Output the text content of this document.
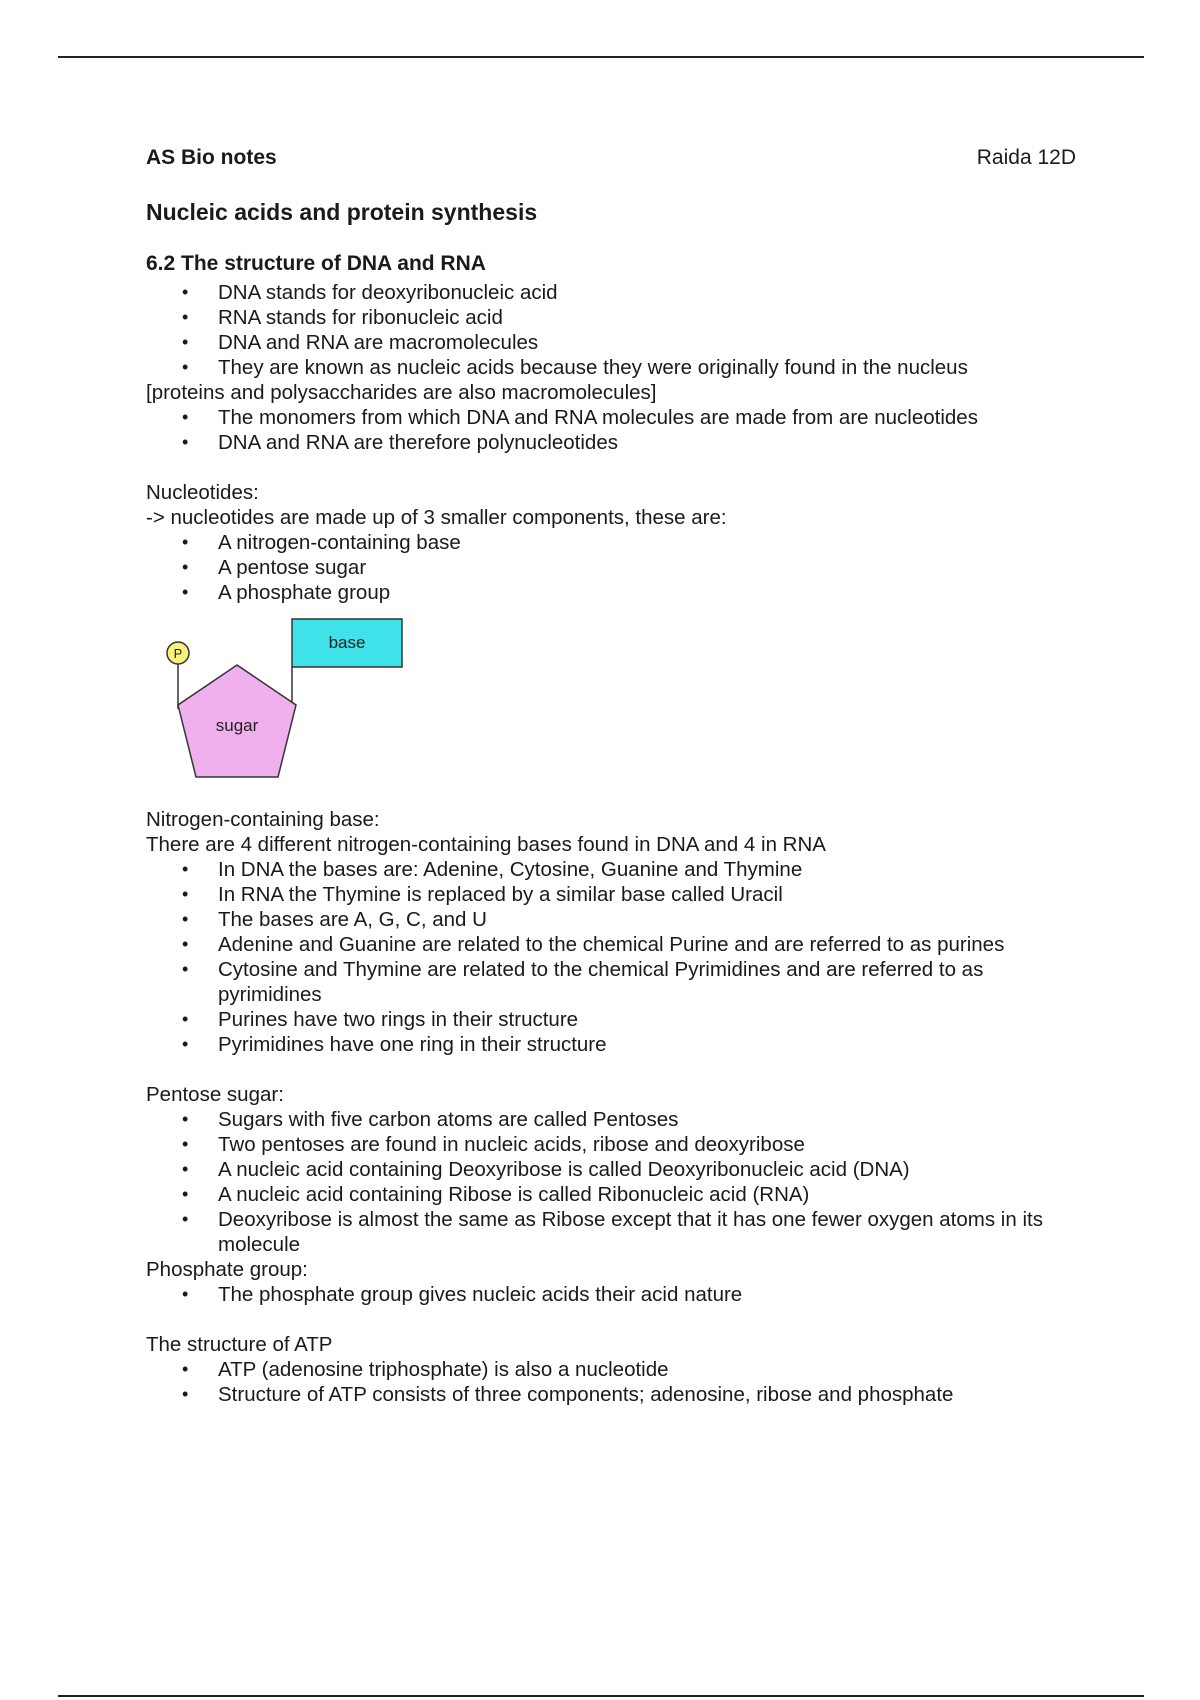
AS Bio notes	Raida 12D
Nucleic acids and protein synthesis
6.2 The structure of DNA and RNA
• DNA stands for deoxyribonucleic acid
• RNA stands for ribonucleic acid
• DNA and RNA are macromolecules
• They are known as nucleic acids because they were originally found in the nucleus
[proteins and polysaccharides are also macromolecules]
• The monomers from which DNA and RNA molecules are made from are nucleotides
• DNA and RNA are therefore polynucleotides
Nucleotides:
-> nucleotides are made up of 3 smaller components, these are:
• A nitrogen-containing base
• A pentose sugar
• A phosphate group
P
base
sugar
Nitrogen-containing base:
There are 4 different nitrogen-containing bases found in DNA and 4 in RNA
• In DNA the bases are: Adenine, Cytosine, Guanine and Thymine
• In RNA the Thymine is replaced by a similar base called Uracil
• The bases are A, G, C, and U
• Adenine and Guanine are related to the chemical Purine and are referred to as purines
• Cytosine and Thymine are related to the chemical Pyrimidines and are referred to as pyrimidines
• Purines have two rings in their structure
• Pyrimidines have one ring in their structure
Pentose sugar:
• Sugars with five carbon atoms are called Pentoses
• Two pentoses are found in nucleic acids, ribose and deoxyribose
• A nucleic acid containing Deoxyribose is called Deoxyribonucleic acid (DNA)
• A nucleic acid containing Ribose is called Ribonucleic acid (RNA)
• Deoxyribose is almost the same as Ribose except that it has one fewer oxygen atoms in its molecule
Phosphate group:
• The phosphate group gives nucleic acids their acid nature
The structure of ATP
• ATP (adenosine triphosphate) is also a nucleotide
• Structure of ATP consists of three components; adenosine, ribose and phosphate
